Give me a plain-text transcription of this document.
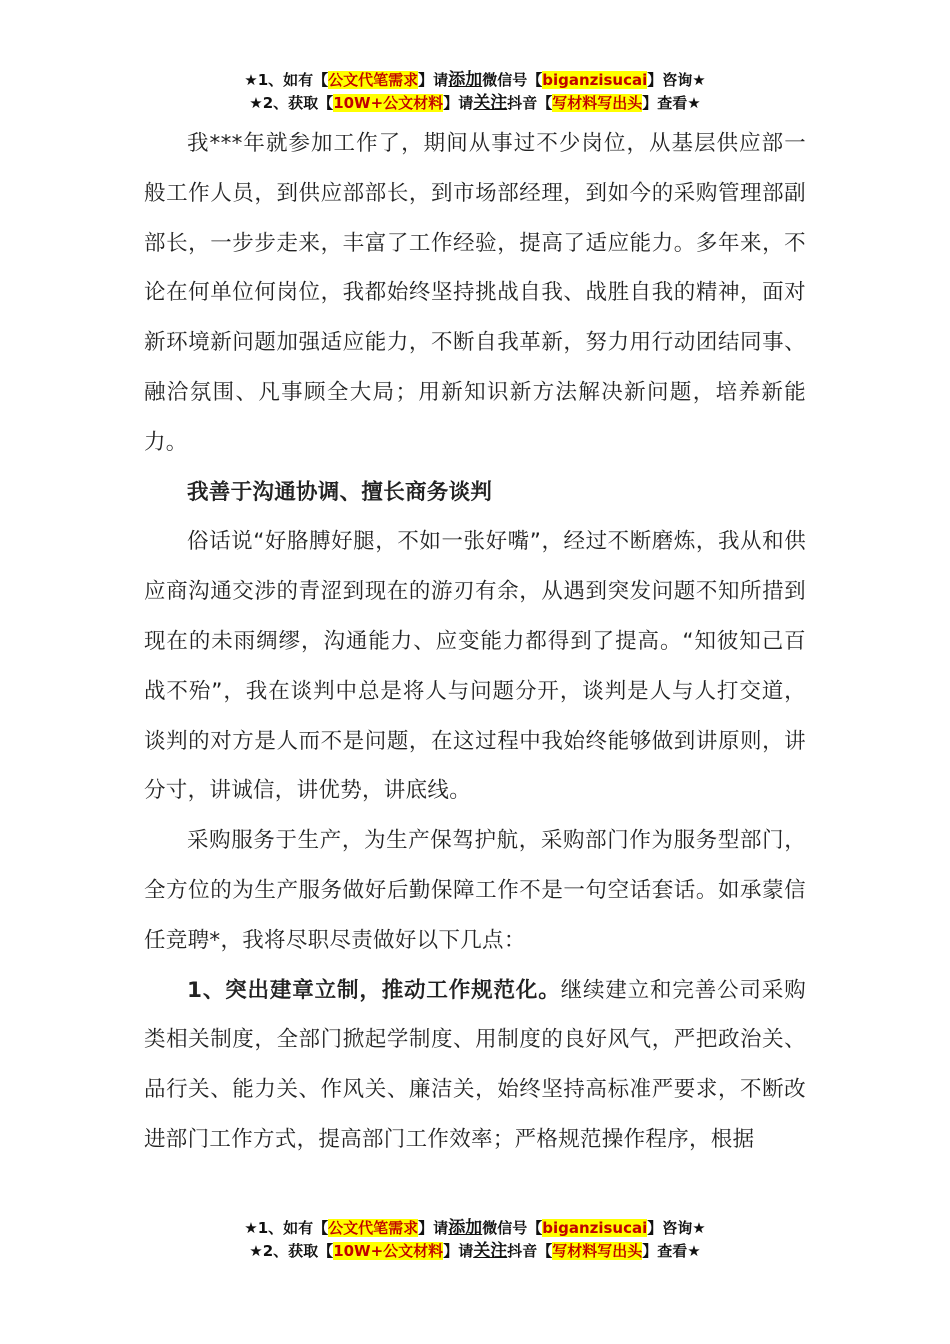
★1、如有【公文代笔需求】请添加微信号【biganzisucai】咨询★
★2、获取【10W+公文材料】请关注抖音【写材料写出头】查看★

我***年就参加工作了，期间从事过不少岗位，从基层供应部一般工作人员，到供应部部长，到市场部经理，到如今的采购管理部副部长，一步步走来，丰富了工作经验，提高了适应能力。多年来，不论在何单位何岗位，我都始终坚持挑战自我、战胜自我的精神，面对新环境新问题加强适应能力，不断自我革新，努力用行动团结同事、融洽氛围、凡事顾全大局；用新知识新方法解决新问题，培养新能力。

我善于沟通协调、擅长商务谈判

俗话说“好胳膊好腿，不如一张好嘴”，经过不断磨炼，我从和供应商沟通交涉的青涩到现在的游刃有余，从遇到突发问题不知所措到现在的未雨绸缪，沟通能力、应变能力都得到了提高。“知彼知己百战不殆”，我在谈判中总是将人与问题分开，谈判是人与人打交道，谈判的对方是人而不是问题，在这过程中我始终能够做到讲原则，讲分寸，讲诚信，讲优势，讲底线。

采购服务于生产，为生产保驾护航，采购部门作为服务型部门，全方位的为生产服务做好后勤保障工作不是一句空话套话。如承蒙信任竞聘*，我将尽职尽责做好以下几点：

1、突出建章立制，推动工作规范化。继续建立和完善公司采购类相关制度，全部门掀起学制度、用制度的良好风气，严把政治关、品行关、能力关、作风关、廉洁关，始终坚持高标准严要求，不断改进部门工作方式，提高部门工作效率；严格规范操作程序，根据

★1、如有【公文代笔需求】请添加微信号【biganzisucai】咨询★
★2、获取【10W+公文材料】请关注抖音【写材料写出头】查看★
